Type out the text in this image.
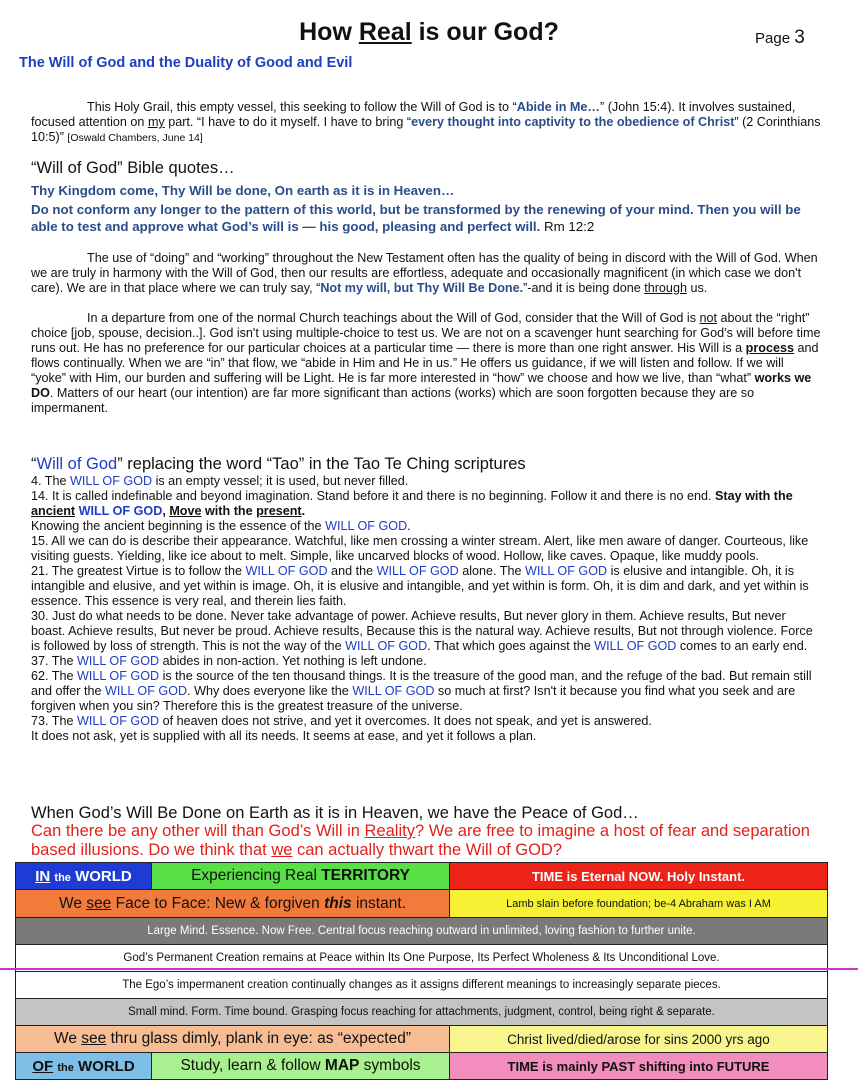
How Real is our God?	Page 3
The Will of God and the Duality of Good and Evil
This Holy Grail, this empty vessel, this seeking to follow the Will of God is to “Abide in Me…” (John 15:4). It involves sustained, focused attention on my part. “I have to do it myself. I have to bring “every thought into captivity to the obedience of Christ” (2 Corinthians 10:5)” [Oswald Chambers, June 14]
“Will of God” Bible quotes…
Thy Kingdom come, Thy Will be done, On earth as it is in Heaven…
Do not conform any longer to the pattern of this world, but be transformed by the renewing of your mind. Then you will be able to test and approve what God’s will is — his good, pleasing and perfect will. Rm 12:2
The use of “doing” and “working” throughout the New Testament often has the quality of being in discord with the Will of God. When we are truly in harmony with the Will of God, then our results are effortless, adequate and occasionally magnificent (in which case we don't care). We are in that place where we can truly say, “Not my will, but Thy Will Be Done.”-and it is being done through us.
In a departure from one of the normal Church teachings about the Will of God, consider that the Will of God is not about the “right” choice [job, spouse, decision..]. God isn't using multiple-choice to test us. We are not on a scavenger hunt searching for God’s will before time runs out. He has no preference for our particular choices at a particular time — there is more than one right answer. His Will is a process and flows continually. When we are “in” that flow, we “abide in Him and He in us.” He offers us guidance, if we will listen and follow. If we will “yoke” with Him, our burden and suffering will be Light. He is far more interested in “how” we choose and how we live, than “what” works we DO. Matters of our heart (our intention) are far more significant than actions (works) which are soon forgotten because they are so impermanent.
“Will of God” replacing the word “Tao” in the Tao Te Ching scriptures
4. The WILL OF GOD is an empty vessel; it is used, but never filled.
14. It is called indefinable and beyond imagination. Stand before it and there is no beginning. Follow it and there is no end. Stay with the ancient WILL OF GOD, Move with the present.
Knowing the ancient beginning is the essence of the WILL OF GOD.
15. All we can do is describe their appearance. Watchful, like men crossing a winter stream. Alert, like men aware of danger. Courteous, like visiting guests. Yielding, like ice about to melt. Simple, like uncarved blocks of wood. Hollow, like caves. Opaque, like muddy pools.
21. The greatest Virtue is to follow the WILL OF GOD and the WILL OF GOD alone. The WILL OF GOD is elusive and intangible. Oh, it is intangible and elusive, and yet within is image. Oh, it is elusive and intangible, and yet within is form. Oh, it is dim and dark, and yet within is essence. This essence is very real, and therein lies faith.
30. Just do what needs to be done. Never take advantage of power. Achieve results, But never glory in them. Achieve results, But never boast. Achieve results, But never be proud. Achieve results, Because this is the natural way. Achieve results, But not through violence. Force is followed by loss of strength. This is not the way of the WILL OF GOD. That which goes against the WILL OF GOD comes to an early end.
37. The WILL OF GOD abides in non-action. Yet nothing is left undone.
62. The WILL OF GOD is the source of the ten thousand things. It is the treasure of the good man, and the refuge of the bad. But remain still and offer the WILL OF GOD. Why does everyone like the WILL OF GOD so much at first? Isn't it because you find what you seek and are forgiven when you sin? Therefore this is the greatest treasure of the universe.
73. The WILL OF GOD of heaven does not strive, and yet it overcomes. It does not speak, and yet is answered.
It does not ask, yet is supplied with all its needs. It seems at ease, and yet it follows a plan.
When God’s Will Be Done on Earth as it is in Heaven, we have the Peace of God…
Can there be any other will than God’s Will in Reality? We are free to imagine a host of fear and separation based illusions. Do we think that we can actually thwart the Will of GOD?
IN the WORLD	Experiencing Real TERRITORY	TIME is Eternal NOW. Holy Instant.
We see Face to Face: New & forgiven this instant.	Lamb slain before foundation; be-4 Abraham was I AM
Large Mind. Essence. Now Free. Central focus reaching outward in unlimited, loving fashion to further unite.
God’s Permanent Creation remains at Peace within Its One Purpose, Its Perfect Wholeness & Its Unconditional Love.
The Ego’s impermanent creation continually changes as it assigns different meanings to increasingly separate pieces.
Small mind. Form. Time bound. Grasping focus reaching for attachments, judgment, control, being right & separate.
We see thru glass dimly, plank in eye: as “expected”	Christ lived/died/arose for sins 2000 yrs ago
OF the WORLD	Study, learn & follow MAP symbols	TIME is mainly PAST shifting into FUTURE
